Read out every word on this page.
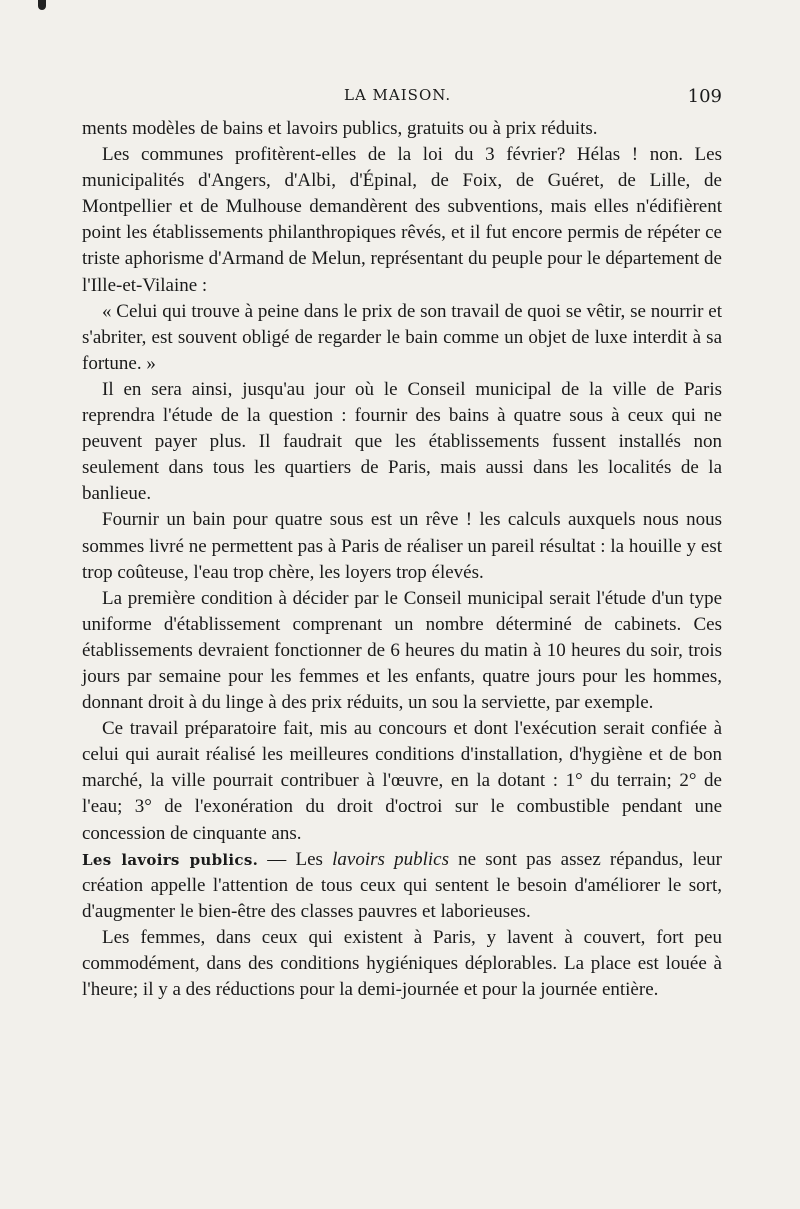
LA MAISON.	109

ments modèles de bains et lavoirs publics, gratuits ou à prix réduits.

Les communes profitèrent-elles de la loi du 3 février? Hélas ! non. Les municipalités d'Angers, d'Albi, d'Épinal, de Foix, de Guéret, de Lille, de Montpellier et de Mulhouse demandèrent des subventions, mais elles n'édifièrent point les établissements philanthropiques rêvés, et il fut encore permis de répéter ce triste aphorisme d'Armand de Melun, représentant du peuple pour le département de l'Ille-et-Vilaine :

« Celui qui trouve à peine dans le prix de son travail de quoi se vêtir, se nourrir et s'abriter, est souvent obligé de regarder le bain comme un objet de luxe interdit à sa fortune. »

Il en sera ainsi, jusqu'au jour où le Conseil municipal de la ville de Paris reprendra l'étude de la question : fournir des bains à quatre sous à ceux qui ne peuvent payer plus. Il faudrait que les établissements fussent installés non seulement dans tous les quartiers de Paris, mais aussi dans les localités de la banlieue.

Fournir un bain pour quatre sous est un rêve ! les calculs auxquels nous nous sommes livré ne permettent pas à Paris de réaliser un pareil résultat : la houille y est trop coûteuse, l'eau trop chère, les loyers trop élevés.

La première condition à décider par le Conseil municipal serait l'étude d'un type uniforme d'établissement comprenant un nombre déterminé de cabinets. Ces établissements devraient fonctionner de 6 heures du matin à 10 heures du soir, trois jours par semaine pour les femmes et les enfants, quatre jours pour les hommes, donnant droit à du linge à des prix réduits, un sou la serviette, par exemple.

Ce travail préparatoire fait, mis au concours et dont l'exécution serait confiée à celui qui aurait réalisé les meilleures conditions d'installation, d'hygiène et de bon marché, la ville pourrait contribuer à l'œuvre, en la dotant : 1° du terrain; 2° de l'eau; 3° de l'exonération du droit d'octroi sur le combustible pendant une concession de cinquante ans.

Les lavoirs publics. — Les lavoirs publics ne sont pas assez répandus, leur création appelle l'attention de tous ceux qui sentent le besoin d'améliorer le sort, d'augmenter le bien-être des classes pauvres et laborieuses.

Les femmes, dans ceux qui existent à Paris, y lavent à couvert, fort peu commodément, dans des conditions hygiéniques déplorables. La place est louée à l'heure; il y a des réductions pour la demi-journée et pour la journée entière.
